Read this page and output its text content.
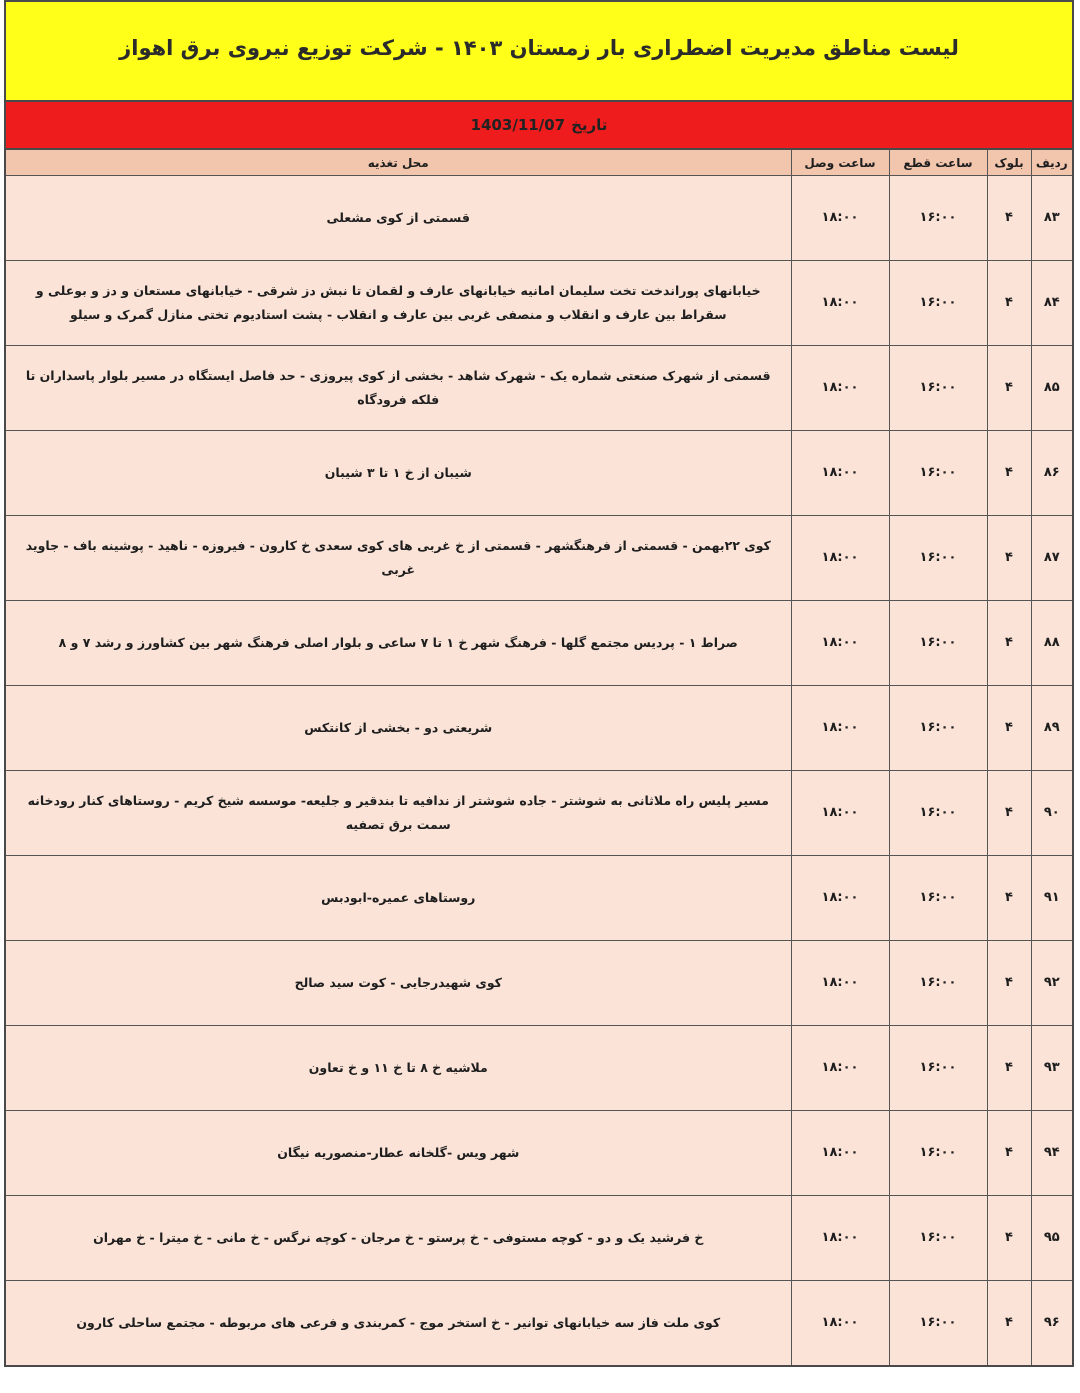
لیست مناطق مدیریت اضطراری بار زمستان ۱۴۰۳ - شرکت توزیع نیروی برق اهواز
تاریخ
1403/11/07
ردیف	بلوک	ساعت قطع	ساعت وصل	محل تغذیه
۸۳	۴	۱۶:۰۰	۱۸:۰۰	قسمتی از کوی مشعلی
۸۴	۴	۱۶:۰۰	۱۸:۰۰	خیابانهای پوراندخت تخت سلیمان امانیه خیابانهای عارف و لقمان تا نبش دز شرقی - خیابانهای مستعان و دز و بوعلی و سقراط بین عارف و انقلاب و منصفی غربی بین عارف و انقلاب - پشت استادیوم تختی منازل گمرک و سیلو
۸۵	۴	۱۶:۰۰	۱۸:۰۰	قسمتی از شهرک صنعتی شماره یک - شهرک شاهد - بخشی از کوی پیروزی - حد فاصل ایستگاه در مسیر بلوار پاسداران تا فلکه فرودگاه
۸۶	۴	۱۶:۰۰	۱۸:۰۰	شیبان از خ ۱ تا ۳ شیبان
۸۷	۴	۱۶:۰۰	۱۸:۰۰	کوی ۲۲بهمن - قسمتی از فرهنگشهر - قسمتی از خ غربی های کوی سعدی خ کارون - فیروزه - ناهید - پوشینه باف - جاوید غربی
۸۸	۴	۱۶:۰۰	۱۸:۰۰	صراط ۱ - پردیس مجتمع گلها - فرهنگ شهر خ ۱ تا ۷ ساعی و بلوار اصلی فرهنگ شهر بین کشاورز و رشد ۷ و ۸
۸۹	۴	۱۶:۰۰	۱۸:۰۰	شریعتی دو - بخشی از کانتکس
۹۰	۴	۱۶:۰۰	۱۸:۰۰	مسیر پلیس راه ملاثانی به شوشتر - جاده شوشتر از ندافیه تا بندقیر و جلیعه- موسسه شیخ کریم - روستاهای کنار رودخانه سمت برق تصفیه
۹۱	۴	۱۶:۰۰	۱۸:۰۰	روستاهای عمیره-ابودبس
۹۲	۴	۱۶:۰۰	۱۸:۰۰	کوی شهیدرجایی - کوت سید صالح
۹۳	۴	۱۶:۰۰	۱۸:۰۰	ملاشیه خ ۸ تا خ ۱۱ و خ تعاون
۹۴	۴	۱۶:۰۰	۱۸:۰۰	شهر ویس -گلخانه عطار-منصوریه نیگان
۹۵	۴	۱۶:۰۰	۱۸:۰۰	خ فرشید یک و دو - کوچه مستوفی - خ پرستو - خ مرجان - کوچه نرگس - خ مانی - خ میترا - خ مهران
۹۶	۴	۱۶:۰۰	۱۸:۰۰	کوی ملت فاز سه خیابانهای توانیر - خ استخر موج - کمربندی و فرعی های مربوطه - مجتمع ساحلی کارون
